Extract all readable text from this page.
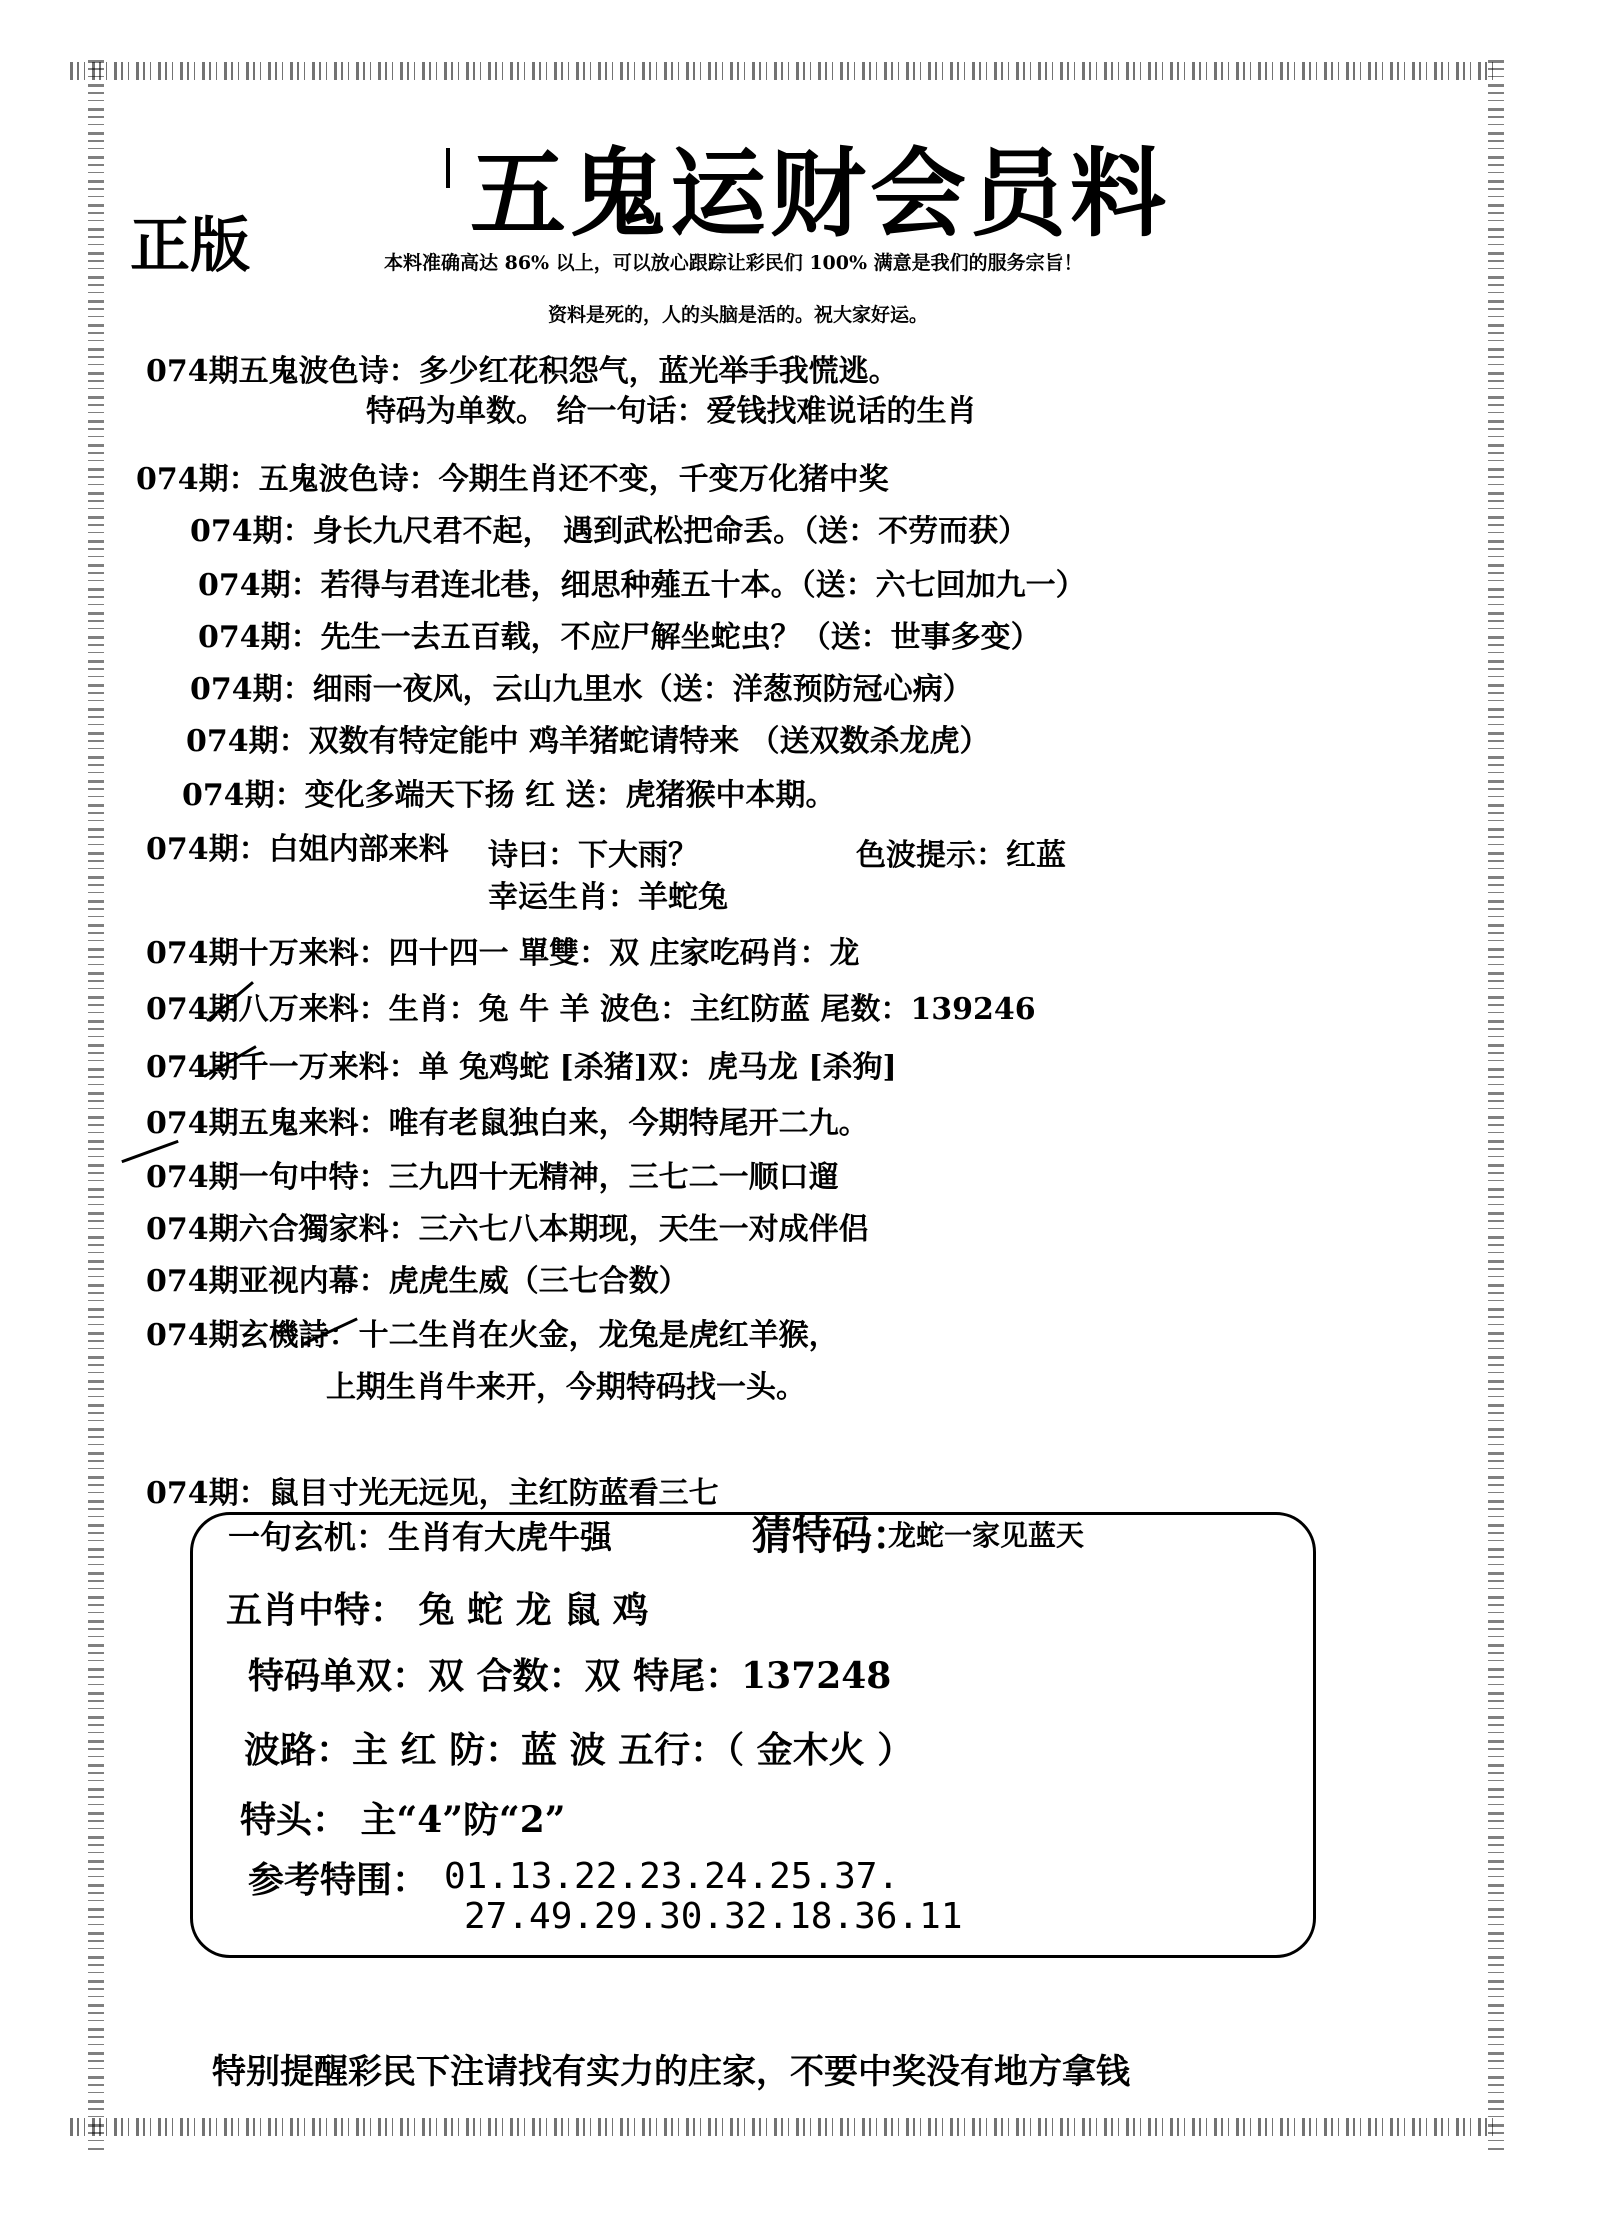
五鬼运财会员料
正版	本料准确高达 86% 以上，可以放心跟踪让彩民们 100% 满意是我们的服务宗旨！
资料是死的，人的头脑是活的。祝大家好运。
074期五鬼波色诗：多少红花积怨气，蓝光举手我慌逃。
特码为单数。 给一句话：爱钱找难说话的生肖
074期：五鬼波色诗：今期生肖还不变，千变万化猪中奖
074期：身长九尺君不起， 遇到武松把命丢。（送：不劳而获）
074期：若得与君连北巷，细思种薤五十本。（送：六七回加九一）
074期：先生一去五百载，不应尸解坐蛇虫？（送：世事多变）
074期：细雨一夜风，云山九里水（送：洋葱预防冠心病）
074期：双数有特定能中 鸡羊猪蛇请特来 （送双数杀龙虎）
074期：变化多端天下扬 红 送：虎猪猴中本期。
074期：白姐内部来料 诗曰：下大雨？	色波提示：红蓝
幸运生肖：羊蛇兔
074期十万来料：四十四一 單雙：双 庄家吃码肖：龙
074期八万来料：生肖：兔 牛 羊 波色：主红防蓝 尾数：139246
074期千一万来料：单 兔鸡蛇 [杀猪]双：虎马龙 [杀狗]
074期五鬼来料：唯有老鼠独白来，今期特尾开二九。
074期一句中特：三九四十无精神，三七二一顺口遛
074期六合獨家料：三六七八本期现，天生一对成伴侣
074期亚视内幕：虎虎生威（三七合数）
074期玄機詩：十二生肖在火金，龙兔是虎红羊猴，
上期生肖牛来开，今期特码找一头。
074期：鼠目寸光无远见，主红防蓝看三七
一句玄机：生肖有大虎牛强	猜特码：
龙蛇一家见蓝天
五肖中特： 兔 蛇 龙 鼠 鸡
特码单双：双 合数：双 特尾：137248
波路：主 红 防：蓝 波 五行：（ 金木火 ）
特头： 主“4”防“2”
参考特围： 01.13.22.23.24.25.37.
27.49.29.30.32.18.36.11
特别提醒彩民下注请找有实力的庄家，不要中奖没有地方拿钱
